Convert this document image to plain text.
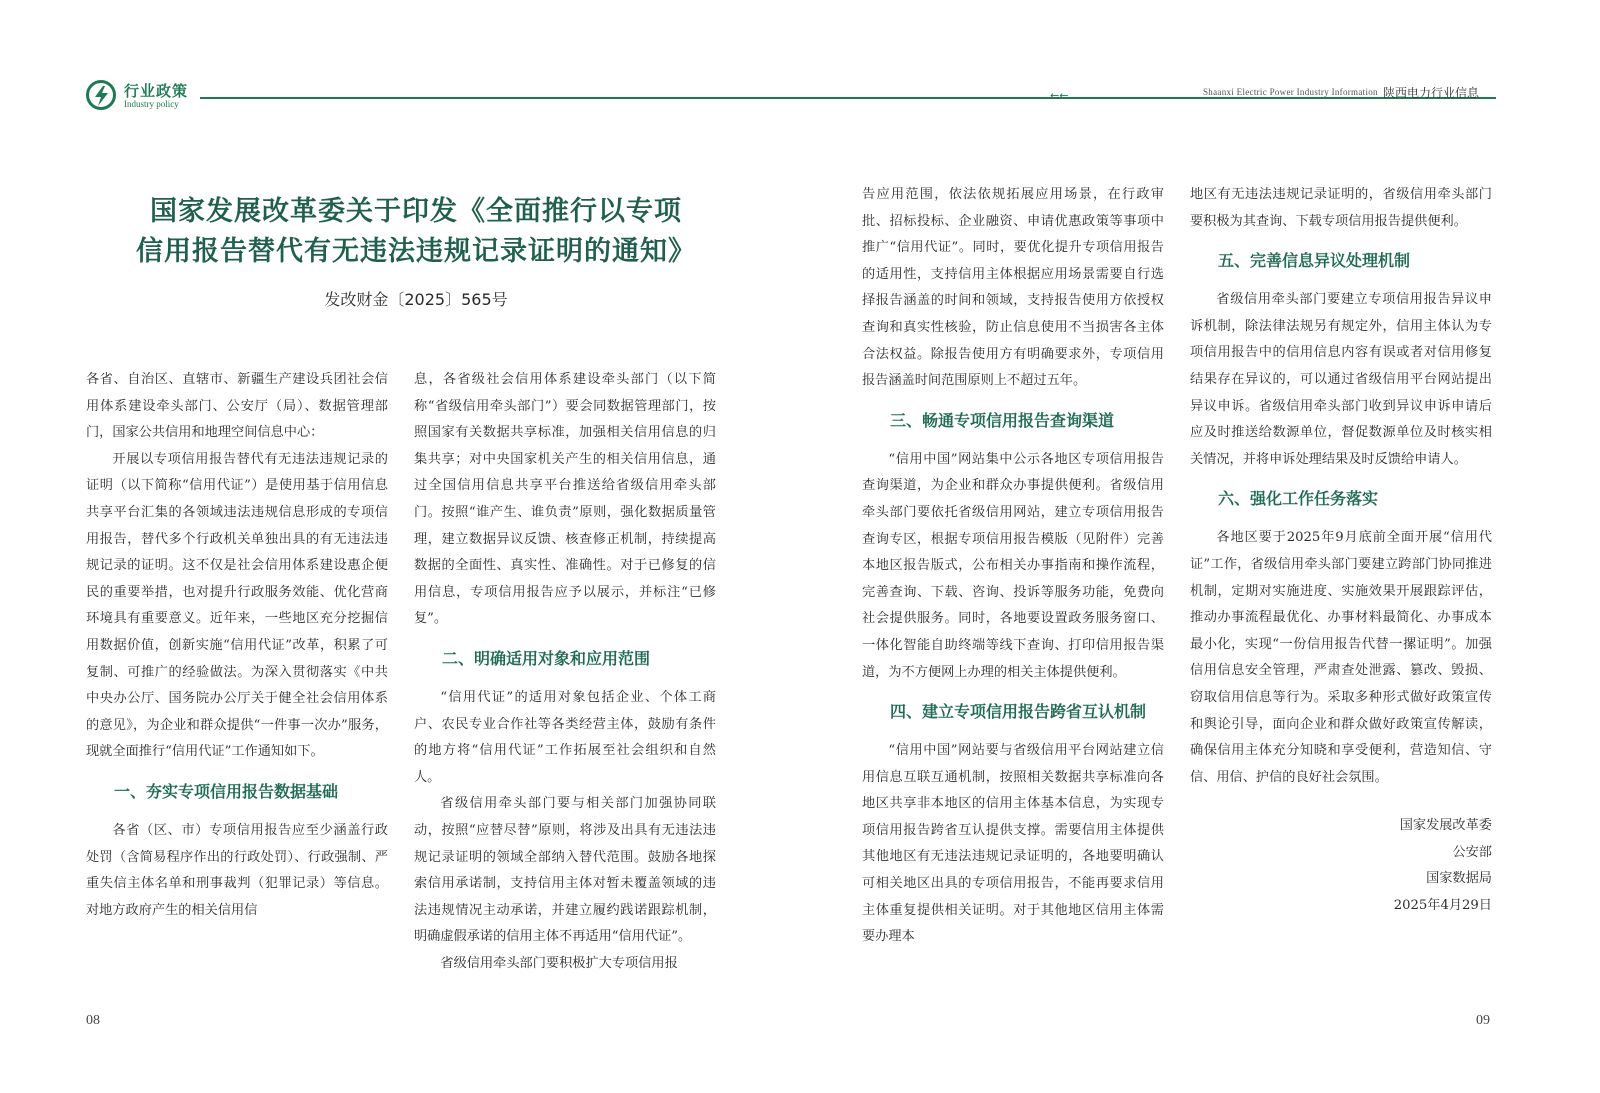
行业政策
Industry policy
←←	Shaanxi Electric Power Industry Information 陕西电力行业信息
国家发展改革委关于印发《全面推行以专项
信用报告替代有无违法违规记录证明的通知》
发改财金〔2025〕565号

各省、自治区、直辖市、新疆生产建设兵团社会信用体系建设牵头部门、公安厅（局）、数据管理部门，国家公共信用和地理空间信息中心：

开展以专项信用报告替代有无违法违规记录的证明（以下简称“信用代证”）是使用基于信用信息共享平台汇集的各领域违法违规信息形成的专项信用报告，替代多个行政机关单独出具的有无违法违规记录的证明。这不仅是社会信用体系建设惠企便民的重要举措，也对提升行政服务效能、优化营商环境具有重要意义。近年来，一些地区充分挖掘信用数据价值，创新实施“信用代证”改革，积累了可复制、可推广的经验做法。为深入贯彻落实《中共中央办公厅、国务院办公厅关于健全社会信用体系的意见》，为企业和群众提供“一件事一次办”服务，现就全面推行“信用代证”工作通知如下。

一、夯实专项信用报告数据基础

各省（区、市）专项信用报告应至少涵盖行政处罚（含简易程序作出的行政处罚）、行政强制、严重失信主体名单和刑事裁判（犯罪记录）等信息。对地方政府产生的相关信用信

息，各省级社会信用体系建设牵头部门（以下简称“省级信用牵头部门”）要会同数据管理部门，按照国家有关数据共享标准，加强相关信用信息的归集共享；对中央国家机关产生的相关信用信息，通过全国信用信息共享平台推送给省级信用牵头部门。按照“谁产生、谁负责”原则，强化数据质量管理，建立数据异议反馈、核查修正机制，持续提高数据的全面性、真实性、准确性。对于已修复的信用信息，专项信用报告应予以展示，并标注“已修复”。

二、明确适用对象和应用范围

“信用代证”的适用对象包括企业、个体工商户、农民专业合作社等各类经营主体，鼓励有条件的地方将“信用代证”工作拓展至社会组织和自然人。

省级信用牵头部门要与相关部门加强协同联动，按照“应替尽替”原则，将涉及出具有无违法违规记录证明的领域全部纳入替代范围。鼓励各地探索信用承诺制，支持信用主体对暂未覆盖领域的违法违规情况主动承诺，并建立履约践诺跟踪机制，明确虚假承诺的信用主体不再适用“信用代证”。

省级信用牵头部门要积极扩大专项信用报

告应用范围，依法依规拓展应用场景，在行政审批、招标投标、企业融资、申请优惠政策等事项中推广“信用代证”。同时，要优化提升专项信用报告的适用性，支持信用主体根据应用场景需要自行选择报告涵盖的时间和领域，支持报告使用方依授权查询和真实性核验，防止信息使用不当损害各主体合法权益。除报告使用方有明确要求外，专项信用报告涵盖时间范围原则上不超过五年。

三、畅通专项信用报告查询渠道

“信用中国”网站集中公示各地区专项信用报告查询渠道，为企业和群众办事提供便利。省级信用牵头部门要依托省级信用网站，建立专项信用报告查询专区，根据专项信用报告模版（见附件）完善本地区报告版式，公布相关办事指南和操作流程，完善查询、下载、咨询、投诉等服务功能，免费向社会提供服务。同时，各地要设置政务服务窗口、一体化智能自助终端等线下查询、打印信用报告渠道，为不方便网上办理的相关主体提供便利。

四、建立专项信用报告跨省互认机制

“信用中国”网站要与省级信用平台网站建立信用信息互联互通机制，按照相关数据共享标准向各地区共享非本地区的信用主体基本信息，为实现专项信用报告跨省互认提供支撑。需要信用主体提供其他地区有无违法违规记录证明的，各地要明确认可相关地区出具的专项信用报告，不能再要求信用主体重复提供相关证明。对于其他地区信用主体需要办理本

地区有无违法违规记录证明的，省级信用牵头部门要积极为其查询、下载专项信用报告提供便利。

五、完善信息异议处理机制

省级信用牵头部门要建立专项信用报告异议申诉机制，除法律法规另有规定外，信用主体认为专项信用报告中的信用信息内容有误或者对信用修复结果存在异议的，可以通过省级信用平台网站提出异议申诉。省级信用牵头部门收到异议申诉申请后应及时推送给数源单位，督促数源单位及时核实相关情况，并将申诉处理结果及时反馈给申请人。

六、强化工作任务落实

各地区要于2025年9月底前全面开展“信用代证”工作，省级信用牵头部门要建立跨部门协同推进机制，定期对实施进度、实施效果开展跟踪评估，推动办事流程最优化、办事材料最简化、办事成本最小化，实现“一份信用报告代替一摞证明”。加强信用信息安全管理，严肃查处泄露、篡改、毁损、窃取信用信息等行为。采取多种形式做好政策宣传和舆论引导，面向企业和群众做好政策宣传解读，确保信用主体充分知晓和享受便利，营造知信、守信、用信、护信的良好社会氛围。

国家发展改革委

公安部

国家数据局

2025年4月29日

08	09
